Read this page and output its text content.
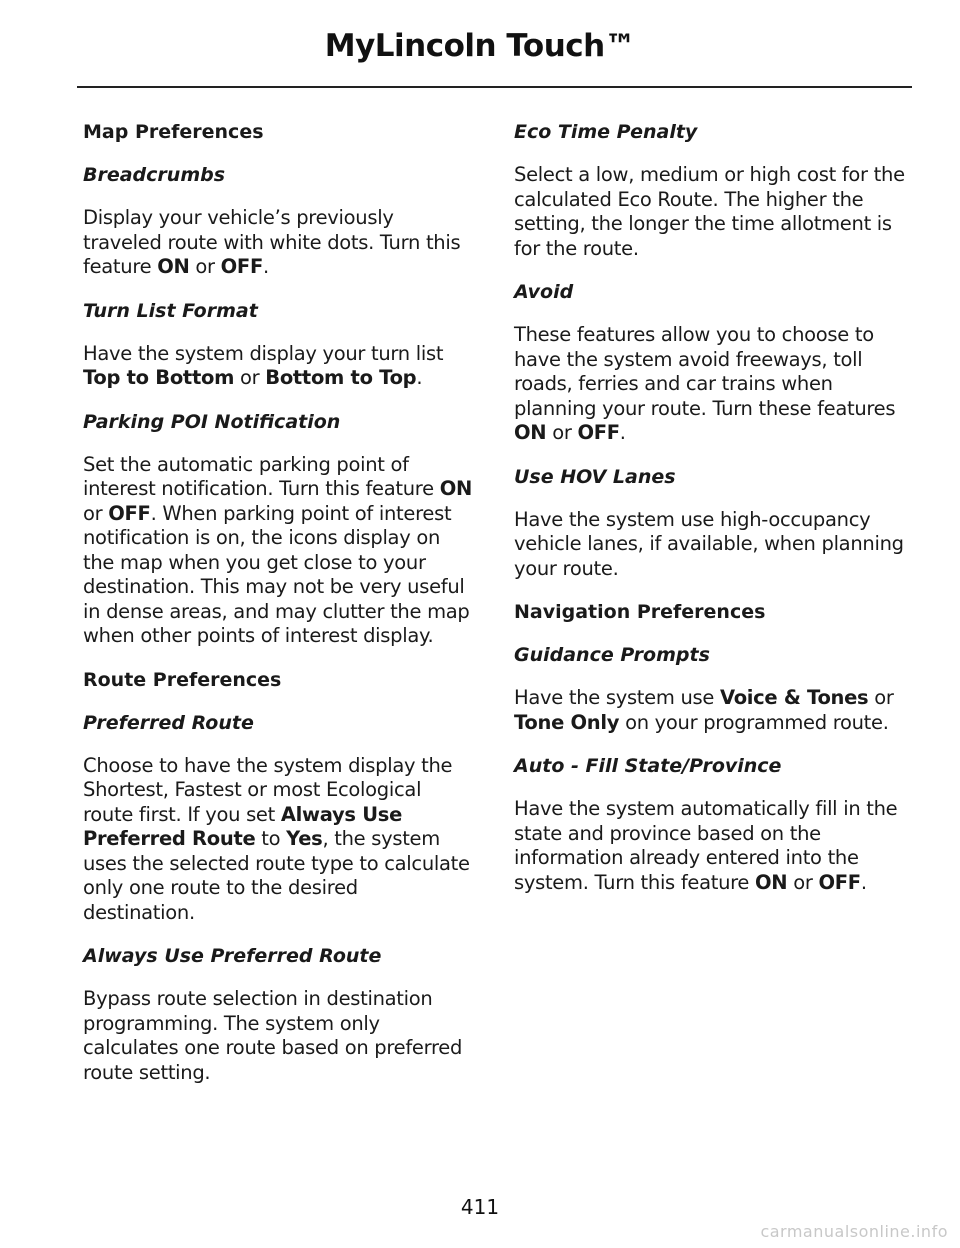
MyLincoln Touch™
Map Preferences
Breadcrumbs
Display your vehicle’s previously traveled route with white dots. Turn this feature ON or OFF.
Turn List Format
Have the system display your turn list Top to Bottom or Bottom to Top.
Parking POI Notification
Set the automatic parking point of interest notification. Turn this feature ON or OFF. When parking point of interest notification is on, the icons display on the map when you get close to your destination. This may not be very useful in dense areas, and may clutter the map when other points of interest display.
Route Preferences
Preferred Route
Choose to have the system display the Shortest, Fastest or most Ecological route first. If you set Always Use Preferred Route to Yes, the system uses the selected route type to calculate only one route to the desired destination.
Always Use Preferred Route
Bypass route selection in destination programming. The system only calculates one route based on preferred route setting.
Eco Time Penalty
Select a low, medium or high cost for the calculated Eco Route. The higher the setting, the longer the time allotment is for the route.
Avoid
These features allow you to choose to have the system avoid freeways, toll roads, ferries and car trains when planning your route. Turn these features ON or OFF.
Use HOV Lanes
Have the system use high-occupancy vehicle lanes, if available, when planning your route.
Navigation Preferences
Guidance Prompts
Have the system use Voice & Tones or Tone Only on your programmed route.
Auto - Fill State/Province
Have the system automatically fill in the state and province based on the information already entered into the system. Turn this feature ON or OFF.
411
carmanualsonline.info
